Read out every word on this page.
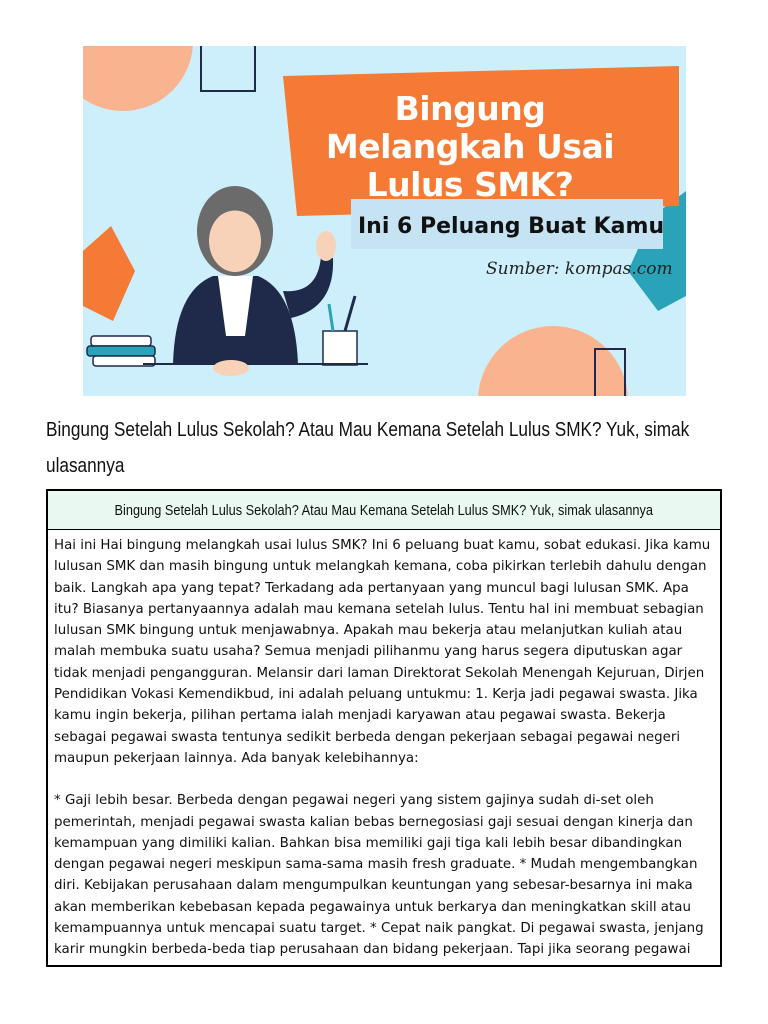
Bingung
Melangkah Usai
Lulus SMK?
Ini 6 Peluang Buat Kamu
Sumber: kompas.com
Bingung Setelah Lulus Sekolah? Atau Mau Kemana Setelah Lulus SMK? Yuk, simak ulasannya
Bingung Setelah Lulus Sekolah? Atau Mau Kemana Setelah Lulus SMK? Yuk, simak ulasannya

Hai ini Hai bingung melangkah usai lulus SMK? Ini 6 peluang buat kamu, sobat edukasi. Jika kamu lulusan SMK dan masih bingung untuk melangkah kemana, coba pikirkan terlebih dahulu dengan baik. Langkah apa yang tepat? Terkadang ada pertanyaan yang muncul bagi lulusan SMK. Apa itu? Biasanya pertanyaannya adalah mau kemana setelah lulus. Tentu hal ini membuat sebagian lulusan SMK bingung untuk menjawabnya. Apakah mau bekerja atau melanjutkan kuliah atau malah membuka suatu usaha? Semua menjadi pilihanmu yang harus segera diputuskan agar tidak menjadi pengangguran. Melansir dari laman Direktorat Sekolah Menengah Kejuruan, Dirjen Pendidikan Vokasi Kemendikbud, ini adalah peluang untukmu: 1. Kerja jadi pegawai swasta. Jika kamu ingin bekerja, pilihan pertama ialah menjadi karyawan atau pegawai swasta. Bekerja sebagai pegawai swasta tentunya sedikit berbeda dengan pekerjaan sebagai pegawai negeri maupun pekerjaan lainnya. Ada banyak kelebihannya:

* Gaji lebih besar. Berbeda dengan pegawai negeri yang sistem gajinya sudah di-set oleh pemerintah, menjadi pegawai swasta kalian bebas bernegosiasi gaji sesuai dengan kinerja dan kemampuan yang dimiliki kalian. Bahkan bisa memiliki gaji tiga kali lebih besar dibandingkan dengan pegawai negeri meskipun sama-sama masih fresh graduate. * Mudah mengembangkan diri. Kebijakan perusahaan dalam mengumpulkan keuntungan yang sebesar-besarnya ini maka akan memberikan kebebasan kepada pegawainya untuk berkarya dan meningkatkan skill atau kemampuannya untuk mencapai suatu target. * Cepat naik pangkat. Di pegawai swasta, jenjang karir mungkin berbeda-beda tiap perusahaan dan bidang pekerjaan. Tapi jika seorang pegawai
